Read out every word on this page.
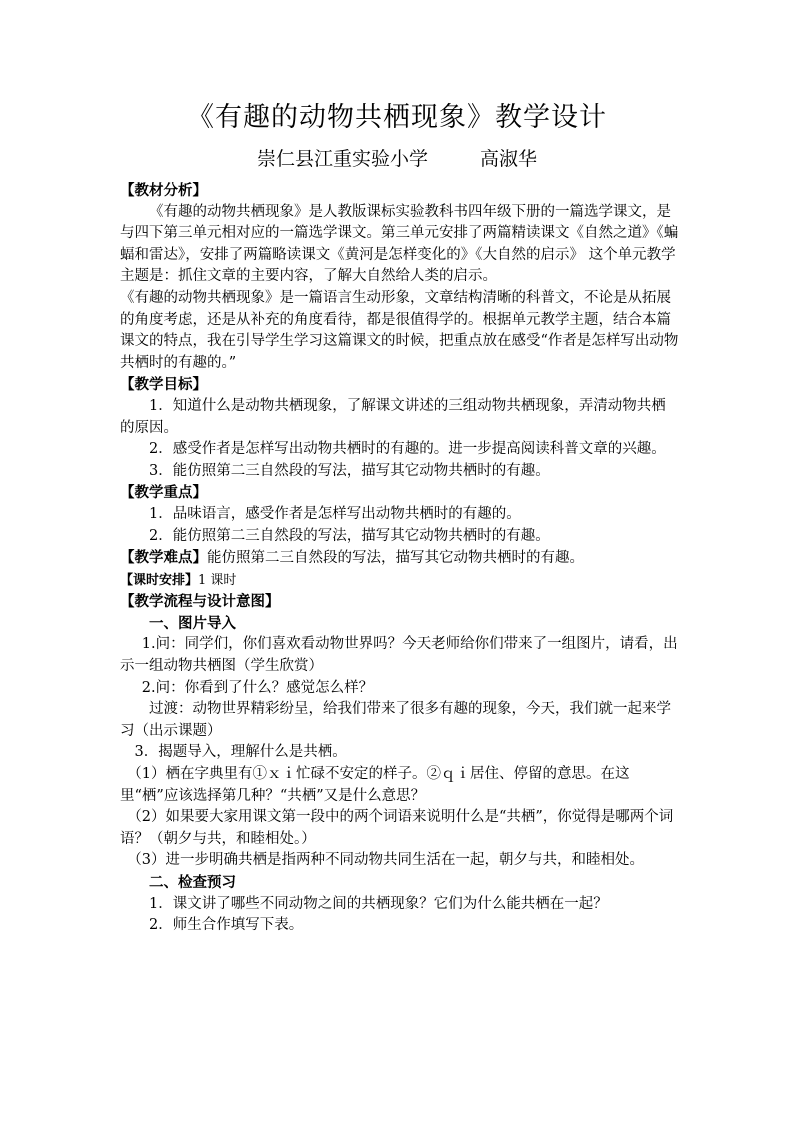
《有趣的动物共栖现象》教学设计
崇仁县江重实验小学	高淑华

【教材分析】

《有趣的动物共栖现象》是人教版课标实验教科书四年级下册的一篇选学课文，是与四下第三单元相对应的一篇选学课文。第三单元安排了两篇精读课文《自然之道》《蝙蝠和雷达》，安排了两篇略读课文《黄河是怎样变化的》《大自然的启示》 这个单元教学主题是：抓住文章的主要内容，了解大自然给人类的启示。

《有趣的动物共栖现象》是一篇语言生动形象，文章结构清晰的科普文，不论是从拓展的角度考虑，还是从补充的角度看待，都是很值得学的。根据单元教学主题，结合本篇课文的特点，我在引导学生学习这篇课文的时候，把重点放在感受“作者是怎样写出动物共栖时的有趣的。”

【教学目标】

1．知道什么是动物共栖现象，了解课文讲述的三组动物共栖现象，弄清动物共栖的原因。

2．感受作者是怎样写出动物共栖时的有趣的。进一步提高阅读科普文章的兴趣。

3．能仿照第二三自然段的写法，描写其它动物共栖时的有趣。

【教学重点】

1．品味语言，感受作者是怎样写出动物共栖时的有趣的。

2．能仿照第二三自然段的写法，描写其它动物共栖时的有趣。

【教学难点】能仿照第二三自然段的写法，描写其它动物共栖时的有趣。

【课时安排】1 课时

【教学流程与设计意图】

一、图片导入

1.问：同学们，你们喜欢看动物世界吗？今天老师给你们带来了一组图片，请看，出示一组动物共栖图（学生欣赏）

2.问：你看到了什么？感觉怎么样？

过渡：动物世界精彩纷呈，给我们带来了很多有趣的现象，今天，我们就一起来学习（出示课题）

3．揭题导入，理解什么是共栖。

（1）栖在字典里有①ｘｉ忙碌不安定的样子。②ｑｉ居住、停留的意思。在这里“栖”应该选择第几种？“共栖”又是什么意思？

（2）如果要大家用课文第一段中的两个词语来说明什么是“共栖”，你觉得是哪两个词语？（朝夕与共，和睦相处。）

（3）进一步明确共栖是指两种不同动物共同生活在一起，朝夕与共，和睦相处。

二、检查预习

1．课文讲了哪些不同动物之间的共栖现象？它们为什么能共栖在一起？

2．师生合作填写下表。
